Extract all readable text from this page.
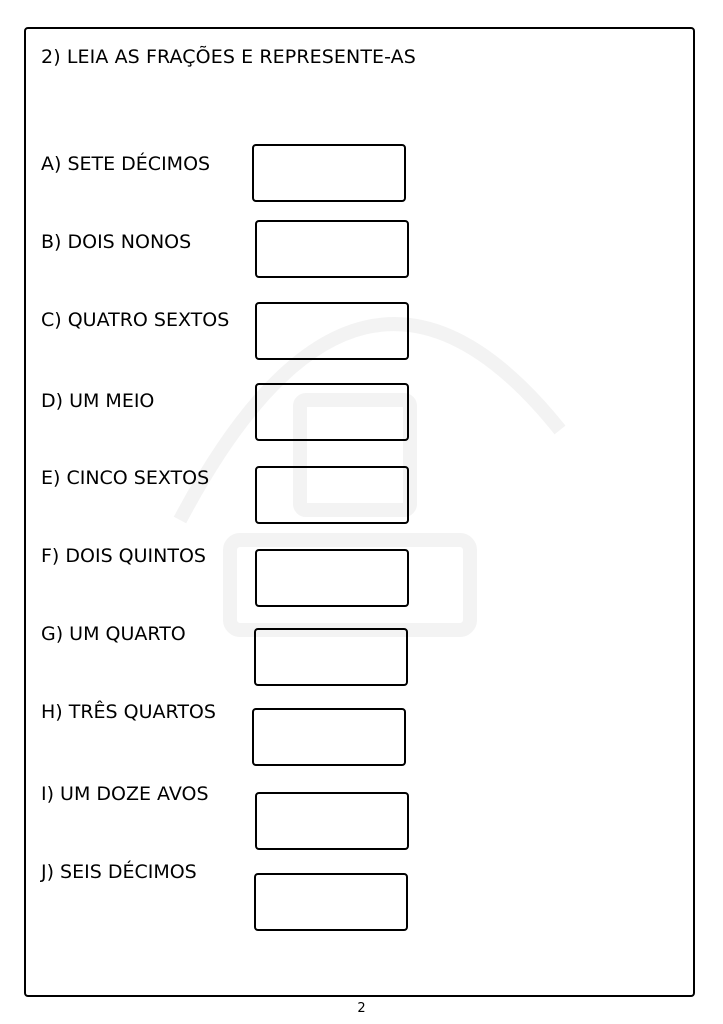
2) LEIA AS FRAÇÕES E REPRESENTE-AS
A) SETE DÉCIMOS
B) DOIS NONOS
C) QUATRO SEXTOS
D) UM MEIO
E) CINCO SEXTOS
F) DOIS QUINTOS
G) UM QUARTO
H) TRÊS QUARTOS
I) UM DOZE AVOS
J) SEIS DÉCIMOS
2
